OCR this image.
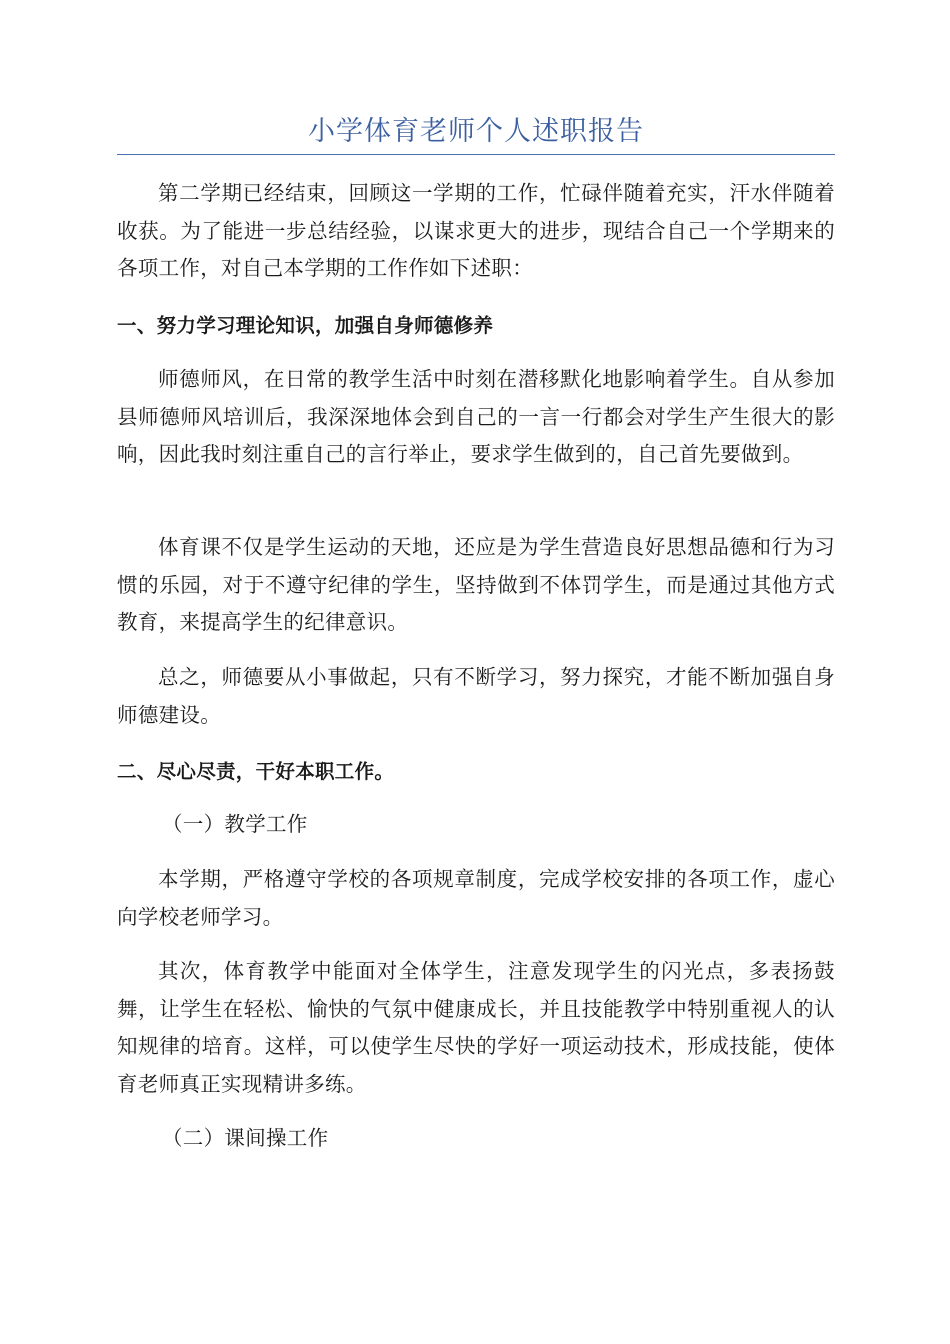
小学体育老师个人述职报告

第二学期已经结束，回顾这一学期的工作，忙碌伴随着充实，汗水伴随着收获。为了能进一步总结经验，以谋求更大的进步，现结合自己一个学期来的各项工作，对自己本学期的工作作如下述职：

一、努力学习理论知识，加强自身师德修养

师德师风，在日常的教学生活中时刻在潜移默化地影响着学生。自从参加县师德师风培训后，我深深地体会到自己的一言一行都会对学生产生很大的影响，因此我时刻注重自己的言行举止，要求学生做到的，自己首先要做到。

体育课不仅是学生运动的天地，还应是为学生营造良好思想品德和行为习惯的乐园，对于不遵守纪律的学生，坚持做到不体罚学生，而是通过其他方式教育，来提高学生的纪律意识。

总之，师德要从小事做起，只有不断学习，努力探究，才能不断加强自身师德建设。

二、尽心尽责，干好本职工作。

（一）教学工作

本学期，严格遵守学校的各项规章制度，完成学校安排的各项工作，虚心向学校老师学习。

其次，体育教学中能面对全体学生，注意发现学生的闪光点，多表扬鼓舞，让学生在轻松、愉快的气氛中健康成长，并且技能教学中特别重视人的认知规律的培育。这样，可以使学生尽快的学好一项运动技术，形成技能，使体育老师真正实现精讲多练。

（二）课间操工作
